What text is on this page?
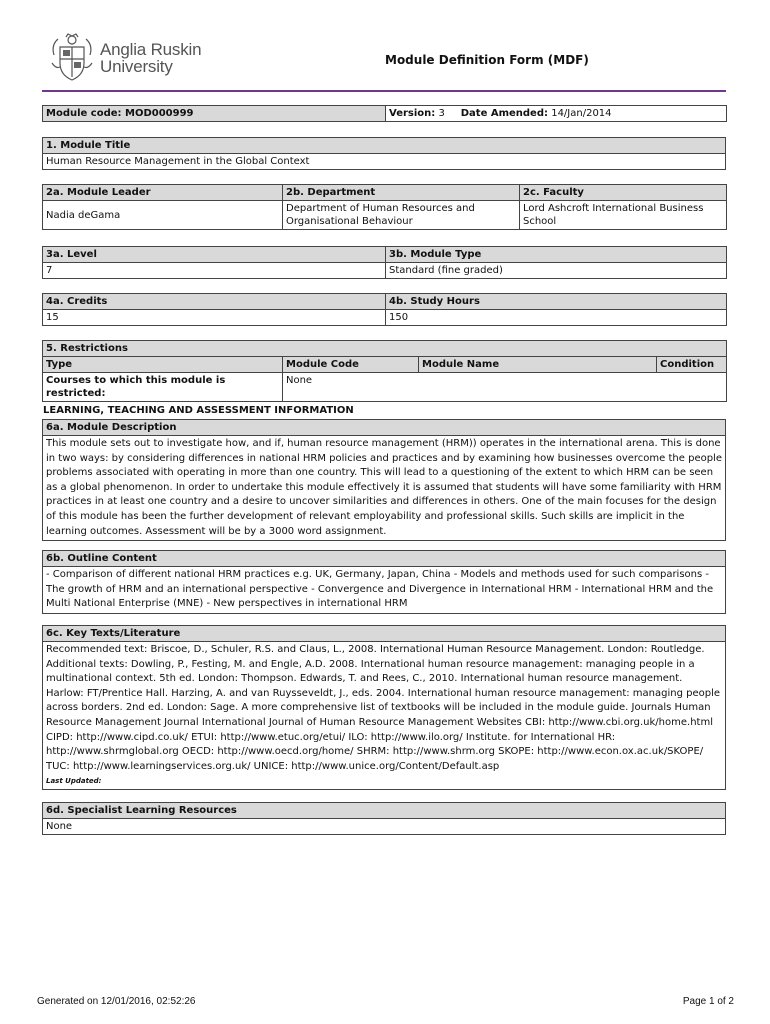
Anglia Ruskin
University	Module Definition Form (MDF)
Module code: MOD000999	Version: 3 Date Amended: 14/Jan/2014
1. Module Title
Human Resource Management in the Global Context
2a. Module Leader	2b. Department	2c. Faculty
Nadia deGama	Department of Human Resources and Organisational Behaviour	Lord Ashcroft International Business School
3a. Level	3b. Module Type
7	Standard (fine graded)
4a. Credits	4b. Study Hours
15	150
5. Restrictions			
Type	Module Code	Module Name	Condition
Courses to which this module is restricted:	None		
LEARNING, TEACHING AND ASSESSMENT INFORMATION
6a. Module Description
This module sets out to investigate how, and if, human resource management (HRM)) operates in the international arena. This is done in two ways: by considering differences in national HRM policies and practices and by examining how businesses overcome the people problems associated with operating in more than one country. This will lead to a questioning of the extent to which HRM can be seen as a global phenomenon. In order to undertake this module effectively it is assumed that students will have some familiarity with HRM practices in at least one country and a desire to uncover similarities and differences in others. One of the main focuses for the design of this module has been the further development of relevant employability and professional skills. Such skills are implicit in the learning outcomes. Assessment will be by a 3000 word assignment.
6b. Outline Content
- Comparison of different national HRM practices e.g. UK, Germany, Japan, China - Models and methods used for such comparisons - The growth of HRM and an international perspective - Convergence and Divergence in International HRM - International HRM and the Multi National Enterprise (MNE) - New perspectives in international HRM
6c. Key Texts/Literature

Recommended text: Briscoe, D., Schuler, R.S. and Claus, L., 2008. International Human Resource Management. London: Routledge. Additional texts: Dowling, P., Festing, M. and Engle, A.D. 2008. International human resource management: managing people in a multinational context. 5th ed. London: Thompson. Edwards, T. and Rees, C., 2010. International human resource management. Harlow: FT/Prentice Hall. Harzing, A. and van Ruysseveldt, J., eds. 2004. International human resource management: managing people across borders. 2nd ed. London: Sage. A more comprehensive list of textbooks will be included in the module guide. Journals Human Resource Management Journal International Journal of Human Resource Management Websites CBI: http://www.cbi.org.uk/home.html CIPD: http://www.cipd.co.uk/ ETUI: http://www.etuc.org/etui/ ILO: http://www.ilo.org/ Institute. for International HR: http://www.shrmglobal.org OECD: http://www.oecd.org/home/ SHRM: http://www.shrm.org SKOPE: http://www.econ.ox.ac.uk/SKOPE/ TUC: http://www.learningservices.org.uk/ UNICE: http://www.unice.org/Content/Default.asp
Last Updated:
6d. Specialist Learning Resources
None
Generated on 12/01/2016, 02:52:26	Page 1 of 2
